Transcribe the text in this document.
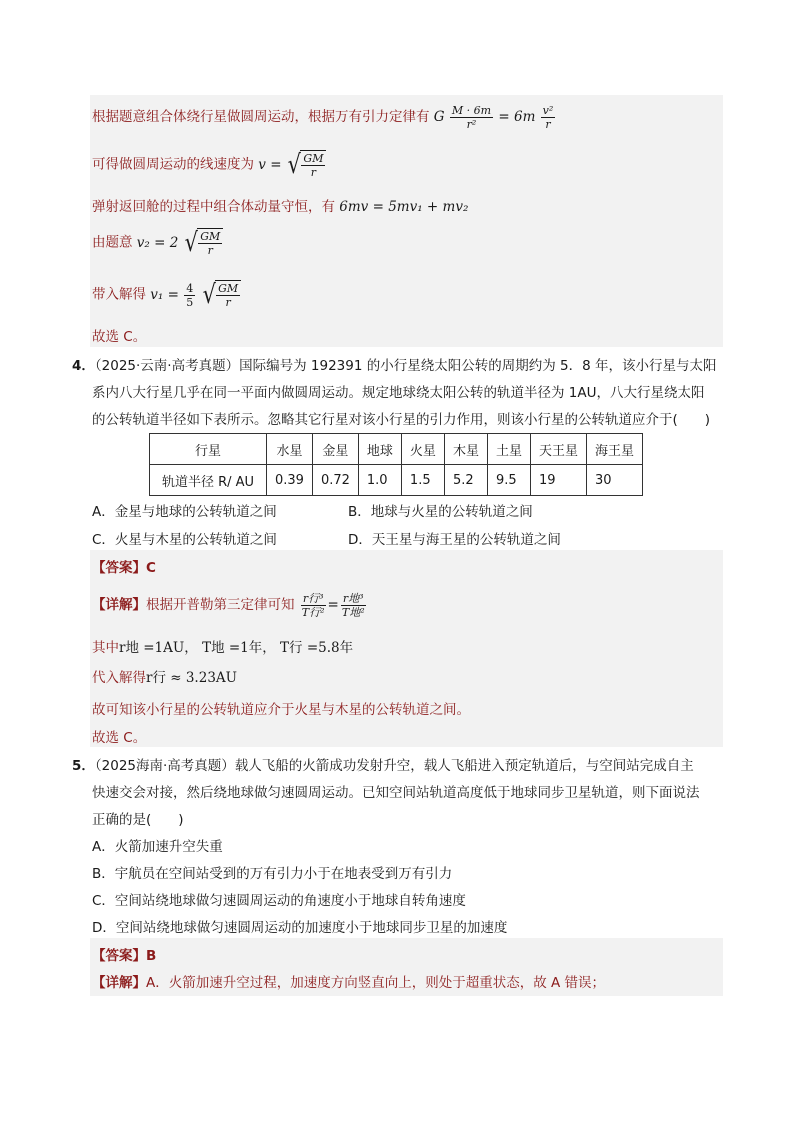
根据题意组合体绕行星做圆周运动，根据万有引力定律有 G $\frac{M \cdot 6m}{\text{r²}} = 6m \frac{\text{v²}}{r}$
可得做圆周运动的线速度为 v = √ $\frac{GM}{r}$
弹射返回舱的过程中组合体动量守恒，有 6mv = 5mv₁ + mv₂
由题意 v₂ = 2 √ $\frac{GM}{r}$
带入解得 $v_1 = \frac{4}{5}$
√ $\frac{GM}{r}$
故选 C。
4．（2025·云南·高考真题）国际编号为 192391 的小行星绕太阳公转的周期约为 5．8 年，该小行星与太阳
系内八大行星几乎在同一平面内做圆周运动。规定地球绕太阳公转的轨道半径为 1AU，八大行星绕太阳
的公转轨道半径如下表所示。忽略其它行星对该小行星的引力作用，则该小行星的公转轨道应介于(　　)
行星	水星	金星	地球	火星	木星	土星	天王星	海王星
轨道半径 R/ AU	0.39	0.72	1.0	1.5	5.2	9.5	19	30
A．金星与地球的公转轨道之间	B．地球与火星的公转轨道之间
C．火星与木星的公转轨道之间	D．天王星与海王星的公转轨道之间
【答案】C
【详解】根据开普勒第三定律可知 $\frac{\text{r行³}}{\text{T行²}} = \frac{\text{r地³}}{\text{T地²}}$
其中r地 =1AU， T地 =1年， T行 =5.8年
代入解得r行 ≈ 3.23AU
故可知该小行星的公转轨道应介于火星与木星的公转轨道之间。
故选 C。
5．（2025海南·高考真题）载人飞船的火箭成功发射升空，载人飞船进入预定轨道后，与空间站完成自主
快速交会对接，然后绕地球做匀速圆周运动。已知空间站轨道高度低于地球同步卫星轨道，则下面说法
正确的是(　　)
A．火箭加速升空失重
B．宇航员在空间站受到的万有引力小于在地表受到万有引力
C．空间站绕地球做匀速圆周运动的角速度小于地球自转角速度
D．空间站绕地球做匀速圆周运动的加速度小于地球同步卫星的加速度
【答案】B
【详解】A．火箭加速升空过程，加速度方向竖直向上，则处于超重状态，故 A 错误；
